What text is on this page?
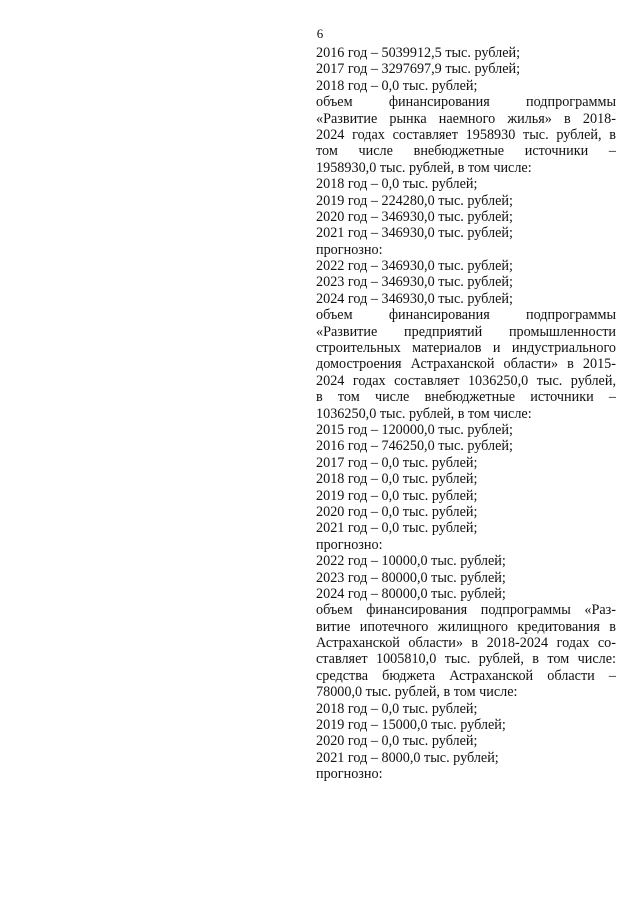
6
2016 год – 5039912,5 тыс. рублей;
2017 год – 3297697,9 тыс. рублей;
2018 год – 0,0 тыс. рублей;
объем финансирования подпрограммы
«Развитие рынка наемного жилья» в 2018-
2024 годах составляет 1958930 тыс. рублей, в
том числе внебюджетные источники –
1958930,0 тыс. рублей, в том числе:
2018 год – 0,0 тыс. рублей;
2019 год – 224280,0 тыс. рублей;
2020 год – 346930,0 тыс. рублей;
2021 год – 346930,0 тыс. рублей;
прогнозно:
2022 год – 346930,0 тыс. рублей;
2023 год – 346930,0 тыс. рублей;
2024 год – 346930,0 тыс. рублей;
объем финансирования подпрограммы
«Развитие предприятий промышленности
строительных материалов и индустриального
домостроения Астраханской области» в 2015-
2024 годах составляет 1036250,0 тыс. рублей,
в том числе внебюджетные источники –
1036250,0 тыс. рублей, в том числе:
2015 год – 120000,0 тыс. рублей;
2016 год – 746250,0 тыс. рублей;
2017 год – 0,0 тыс. рублей;
2018 год – 0,0 тыс. рублей;
2019 год – 0,0 тыс. рублей;
2020 год – 0,0 тыс. рублей;
2021 год – 0,0 тыс. рублей;
прогнозно:
2022 год – 10000,0 тыс. рублей;
2023 год – 80000,0 тыс. рублей;
2024 год – 80000,0 тыс. рублей;
объем финансирования подпрограммы «Раз-
витие ипотечного жилищного кредитования в
Астраханской области» в 2018-2024 годах со-
ставляет 1005810,0 тыс. рублей, в том числе:
средства бюджета Астраханской области –
78000,0 тыс. рублей, в том числе:
2018 год – 0,0 тыс. рублей;
2019 год – 15000,0 тыс. рублей;
2020 год – 0,0 тыс. рублей;
2021 год – 8000,0 тыс. рублей;
прогнозно:
